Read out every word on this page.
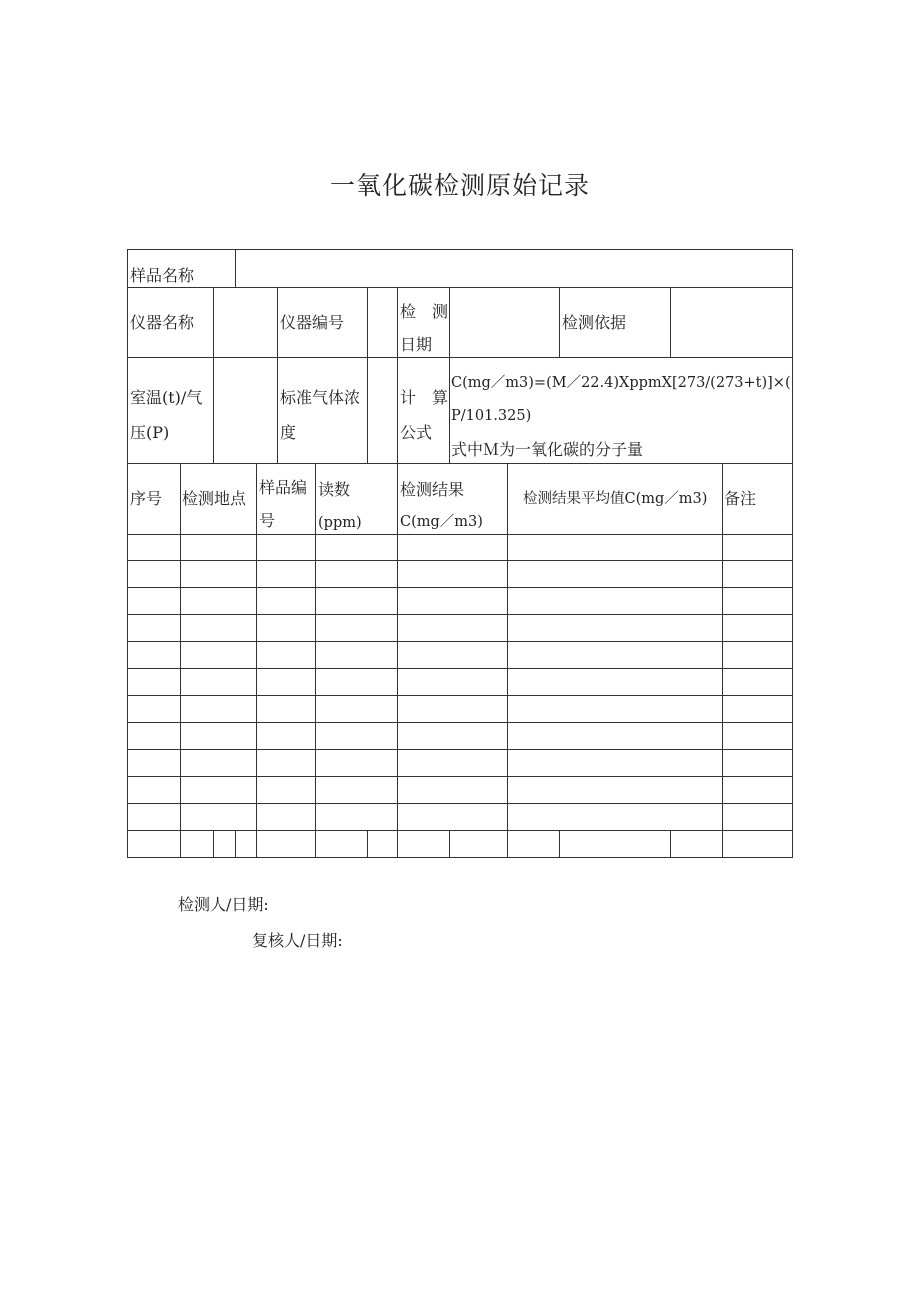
一氧化碳检测原始记录
样品名称
仪器名称	仪器编号
检　测
日期
检测依据
室温(t)/气
压(P)
标准气体浓
度
计　算
公式
C(mg／m3)=(M／22.4)XppmX[273/(273+t)]×(
P/101.325)
式中Ｍ为一氧化碳的分子量
序号 检测地点
样品编
号
读数
(ppm)
检测结果
C(mg／m3)
检测结果平均值C(mg／m3) 备注
检测人/日期:
复核人/日期:
